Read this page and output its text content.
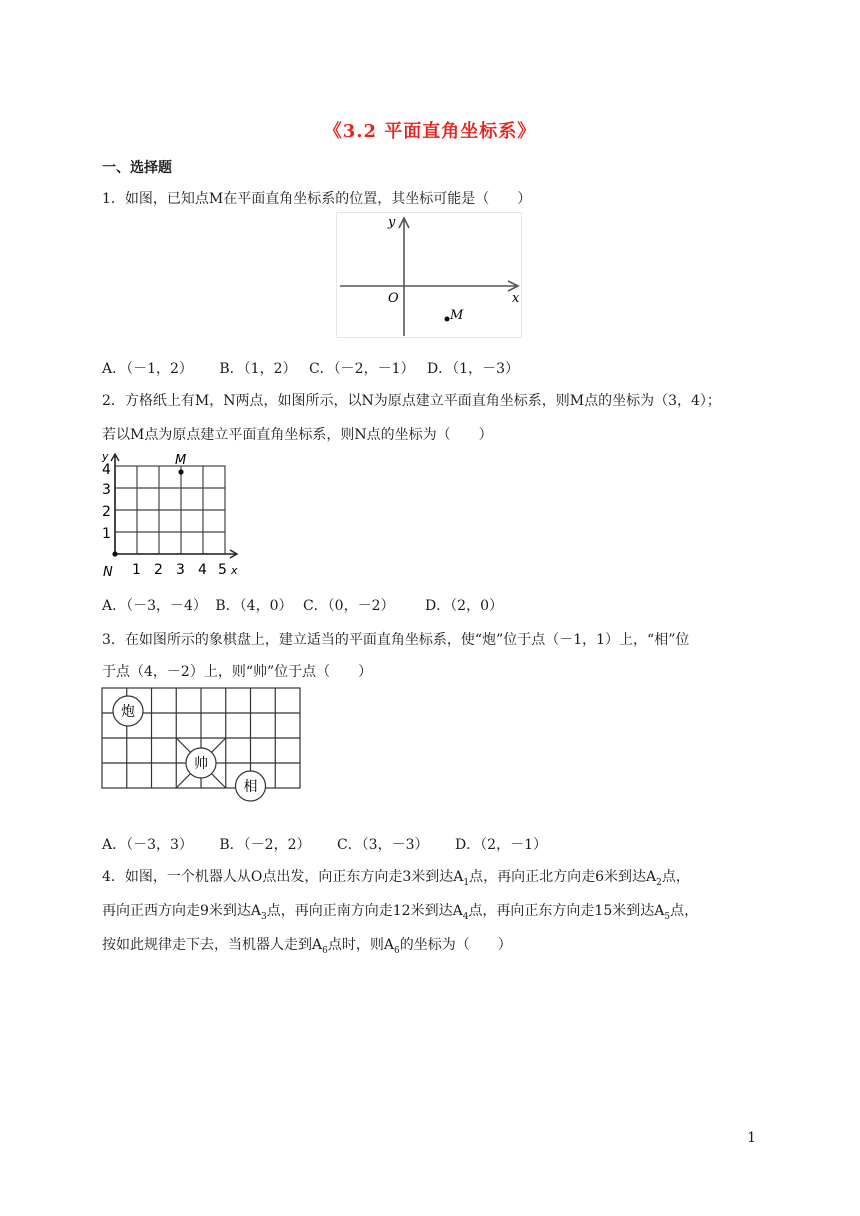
《3.2 平面直角坐标系》
一、选择题
1．如图，已知点M在平面直角坐标系的位置，其坐标可能是（　　）
y
x
O
M
A．（－1，2） B．（1，2） C．（－2，－1） D．（1，－3）
2．方格纸上有M，N两点，如图所示，以N为原点建立平面直角坐标系，则M点的坐标为（3，4）；
若以M点为原点建立平面直角坐标系，则N点的坐标为（　　）
y
x
1
2
3
4
1 2 3 4 5
M
N
A．（－3，－4） B．（4，0） C．（0，－2） D．（2，0）
3．在如图所示的象棋盘上，建立适当的平面直角坐标系，使“炮”位于点（－1，1）上，“相”位
于点（4，－2）上，则“帅”位于点（　　）
炮
帅
相
A．（－3，3） B．（－2，2） C．（3，－3） D．（2，－1）
4．如图，一个机器人从O点出发，向正东方向走3米到达$A_1$点，再向正北方向走6米到达$A_2$点，
再向正西方向走9米到达$A_3$点，再向正南方向走12米到达$A_4$点，再向正东方向走15米到达$A_5$点，
按如此规律走下去，当机器人走到$A_6$点时，则$A_6$的坐标为（　　）
1
